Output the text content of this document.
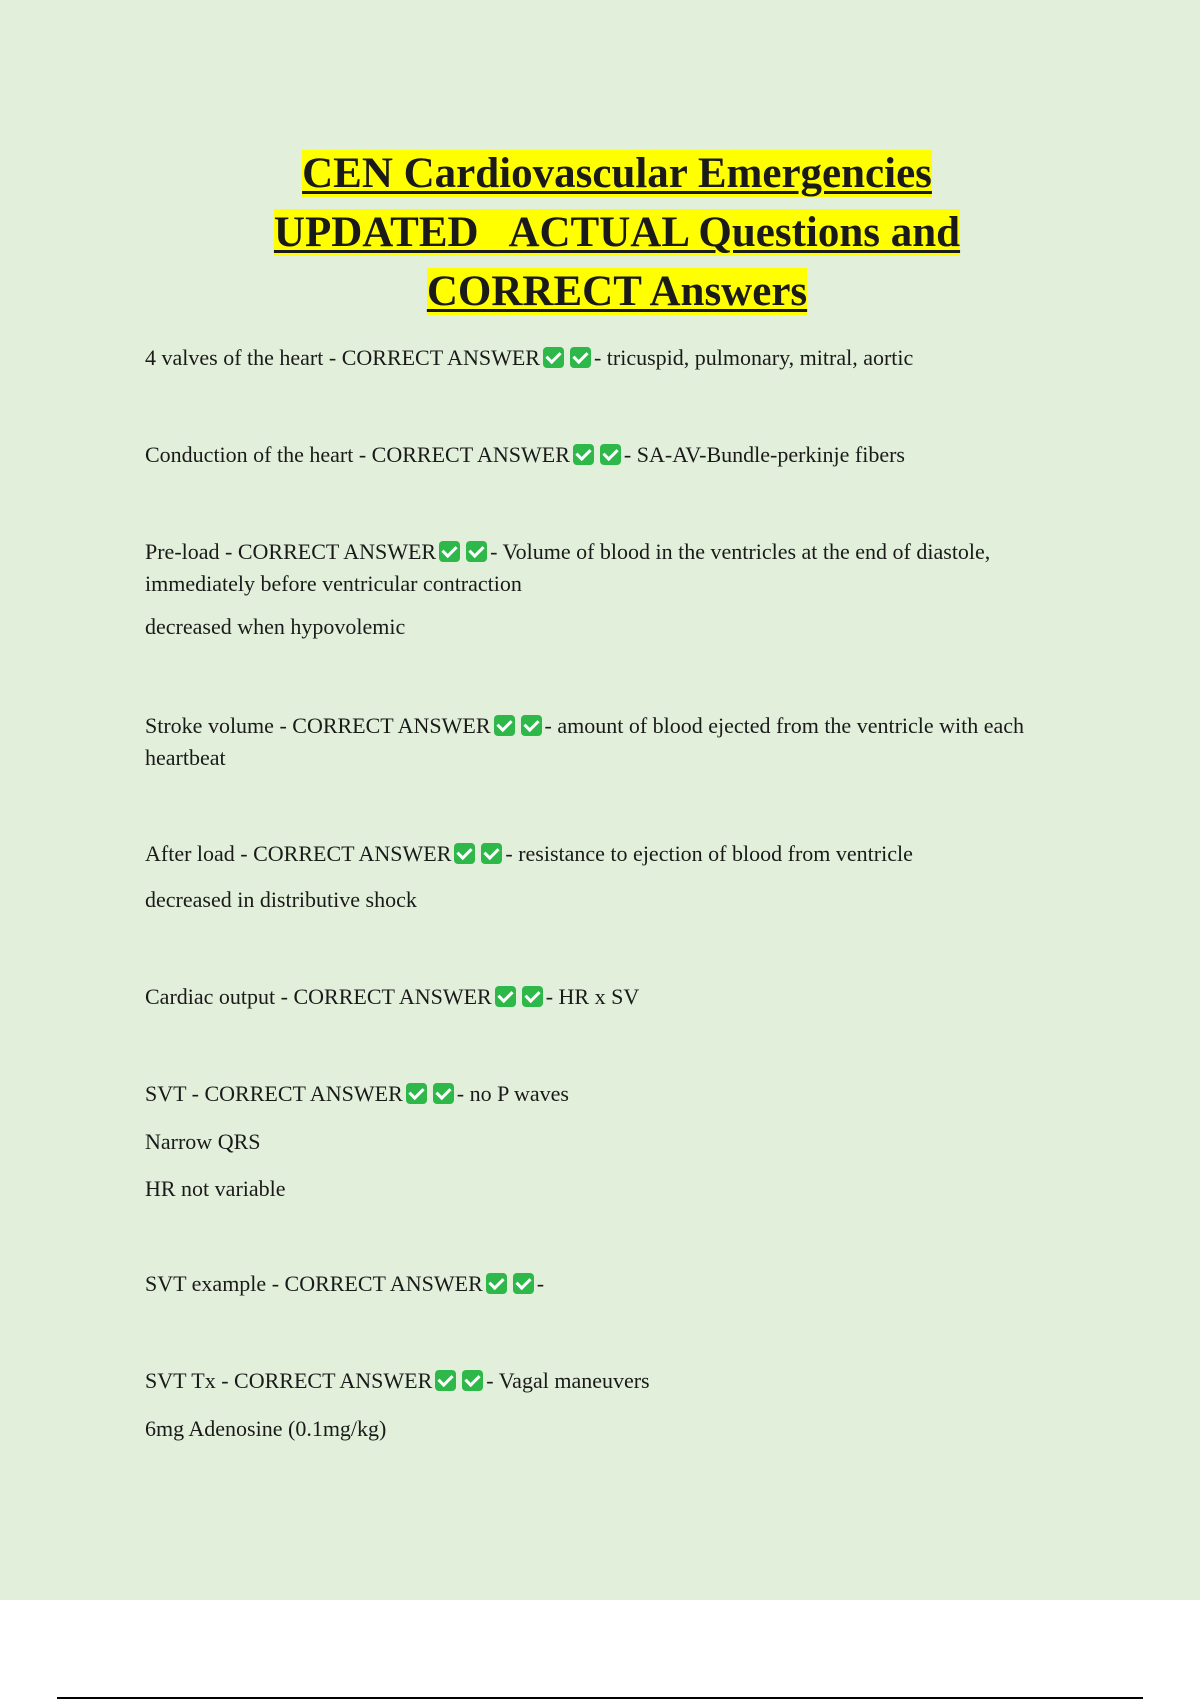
CEN Cardiovascular Emergencies
UPDATED   ACTUAL Questions and
CORRECT Answers

4 valves of the heart - CORRECT ANSWER - tricuspid, pulmonary, mitral, aortic

Conduction of the heart - CORRECT ANSWER - SA-AV-Bundle-perkinje fibers

Pre-load - CORRECT ANSWER - Volume of blood in the ventricles at the end of diastole, immediately before ventricular contraction

decreased when hypovolemic

Stroke volume - CORRECT ANSWER - amount of blood ejected from the ventricle with each heartbeat

After load - CORRECT ANSWER - resistance to ejection of blood from ventricle

decreased in distributive shock

Cardiac output - CORRECT ANSWER - HR x SV

SVT - CORRECT ANSWER - no P waves

Narrow QRS

HR not variable

SVT example - CORRECT ANSWER -

SVT Tx - CORRECT ANSWER - Vagal maneuvers

6mg Adenosine (0.1mg/kg)
